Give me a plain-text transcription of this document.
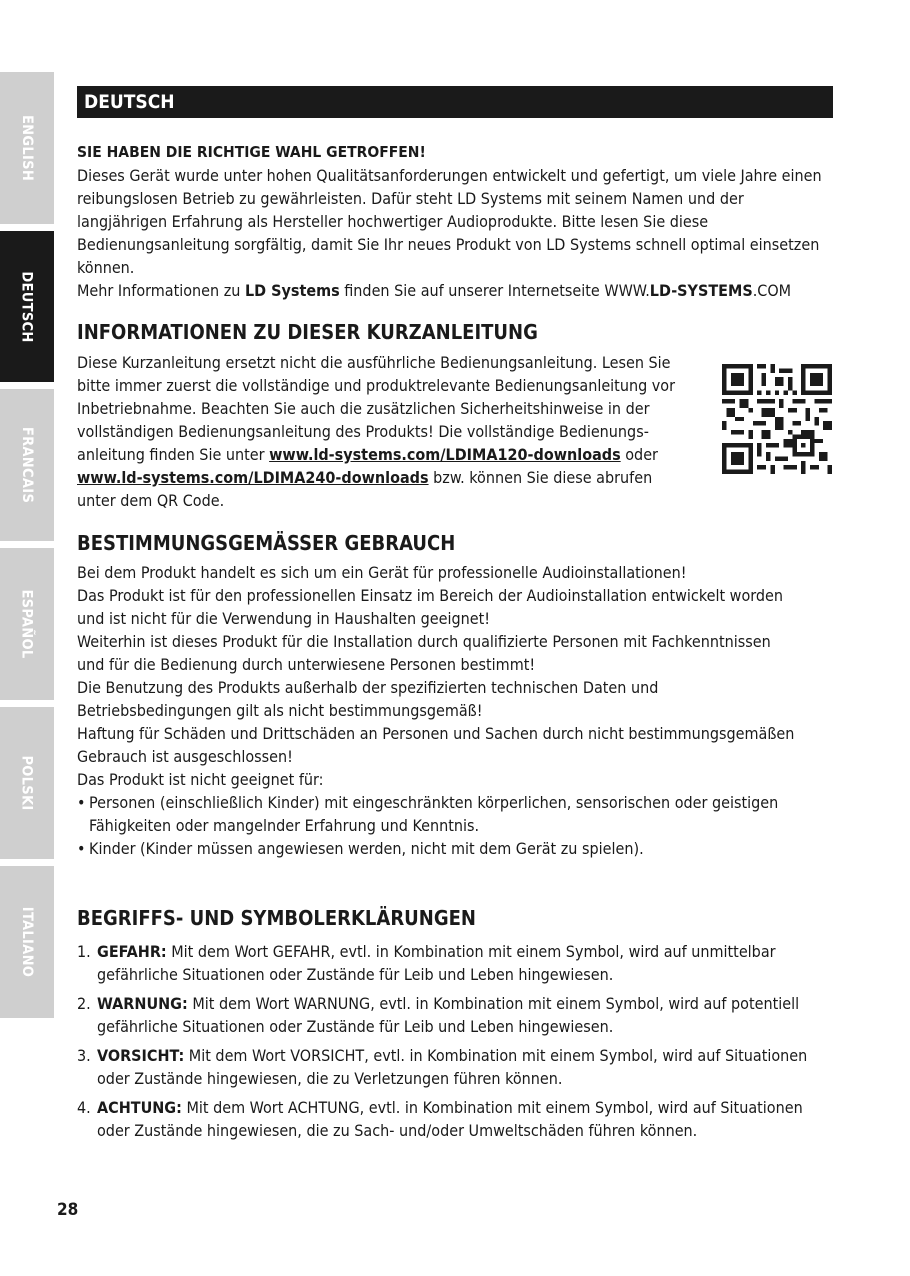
ENGLISH
DEUTSCH
FRANCAIS
ESPAÑOL
POLSKI
ITALIANO
DEUTSCH
SIE HABEN DIE RICHTIGE WAHL GETROFFEN!
Dieses Gerät wurde unter hohen Qualitätsanforderungen entwickelt und gefertigt, um viele Jahre einen reibungslosen Betrieb zu gewährleisten. Dafür steht LD Systems mit seinem Namen und der langjährigen Erfahrung als Hersteller hochwertiger Audioprodukte. Bitte lesen Sie diese Bedienungsanleitung sorgfältig, damit Sie Ihr neues Produkt von LD Systems schnell optimal einsetzen können.
Mehr Informationen zu LD Systems finden Sie auf unserer Internetseite WWW.LD-SYSTEMS.COM
INFORMATIONEN ZU DIESER KURZANLEITUNG
Diese Kurzanleitung ersetzt nicht die ausführliche Bedienungsanleitung. Lesen Sie bitte immer zuerst die vollständige und produktrelevante Bedienungsanleitung vor Inbetriebnahme. Beachten Sie auch die zusätzlichen Sicherheitshinweise in der vollständigen Bedienungsanleitung des Produkts! Die vollständige Bedienungs-anleitung finden Sie unter www.ld-systems.com/LDIMA120-downloads oder www.ld-systems.com/LDIMA240-downloads bzw. können Sie diese abrufen unter dem QR Code.
BESTIMMUNGSGEMÄSSER GEBRAUCH
Bei dem Produkt handelt es sich um ein Gerät für professionelle Audioinstallationen!
Das Produkt ist für den professionellen Einsatz im Bereich der Audioinstallation entwickelt worden und ist nicht für die Verwendung in Haushalten geeignet!
Weiterhin ist dieses Produkt für die Installation durch qualifizierte Personen mit Fachkenntnissen und für die Bedienung durch unterwiesene Personen bestimmt!
Die Benutzung des Produkts außerhalb der spezifizierten technischen Daten und Betriebsbedingungen gilt als nicht bestimmungsgemäß!
Haftung für Schäden und Drittschäden an Personen und Sachen durch nicht bestimmungsgemäßen Gebrauch ist ausgeschlossen!
Das Produkt ist nicht geeignet für:
• Personen (einschließlich Kinder) mit eingeschränkten körperlichen, sensorischen oder geistigen Fähigkeiten oder mangelnder Erfahrung und Kenntnis.
• Kinder (Kinder müssen angewiesen werden, nicht mit dem Gerät zu spielen).
BEGRIFFS- UND SYMBOLERKLÄRUNGEN
1. GEFAHR: Mit dem Wort GEFAHR, evtl. in Kombination mit einem Symbol, wird auf unmittelbar gefährliche Situationen oder Zustände für Leib und Leben hingewiesen.
2. WARNUNG: Mit dem Wort WARNUNG, evtl. in Kombination mit einem Symbol, wird auf potentiell gefährliche Situationen oder Zustände für Leib und Leben hingewiesen.
3. VORSICHT: Mit dem Wort VORSICHT, evtl. in Kombination mit einem Symbol, wird auf Situationen oder Zustände hingewiesen, die zu Verletzungen führen können.
4. ACHTUNG: Mit dem Wort ACHTUNG, evtl. in Kombination mit einem Symbol, wird auf Situationen oder Zustände hingewiesen, die zu Sach- und/oder Umweltschäden führen können.
28
